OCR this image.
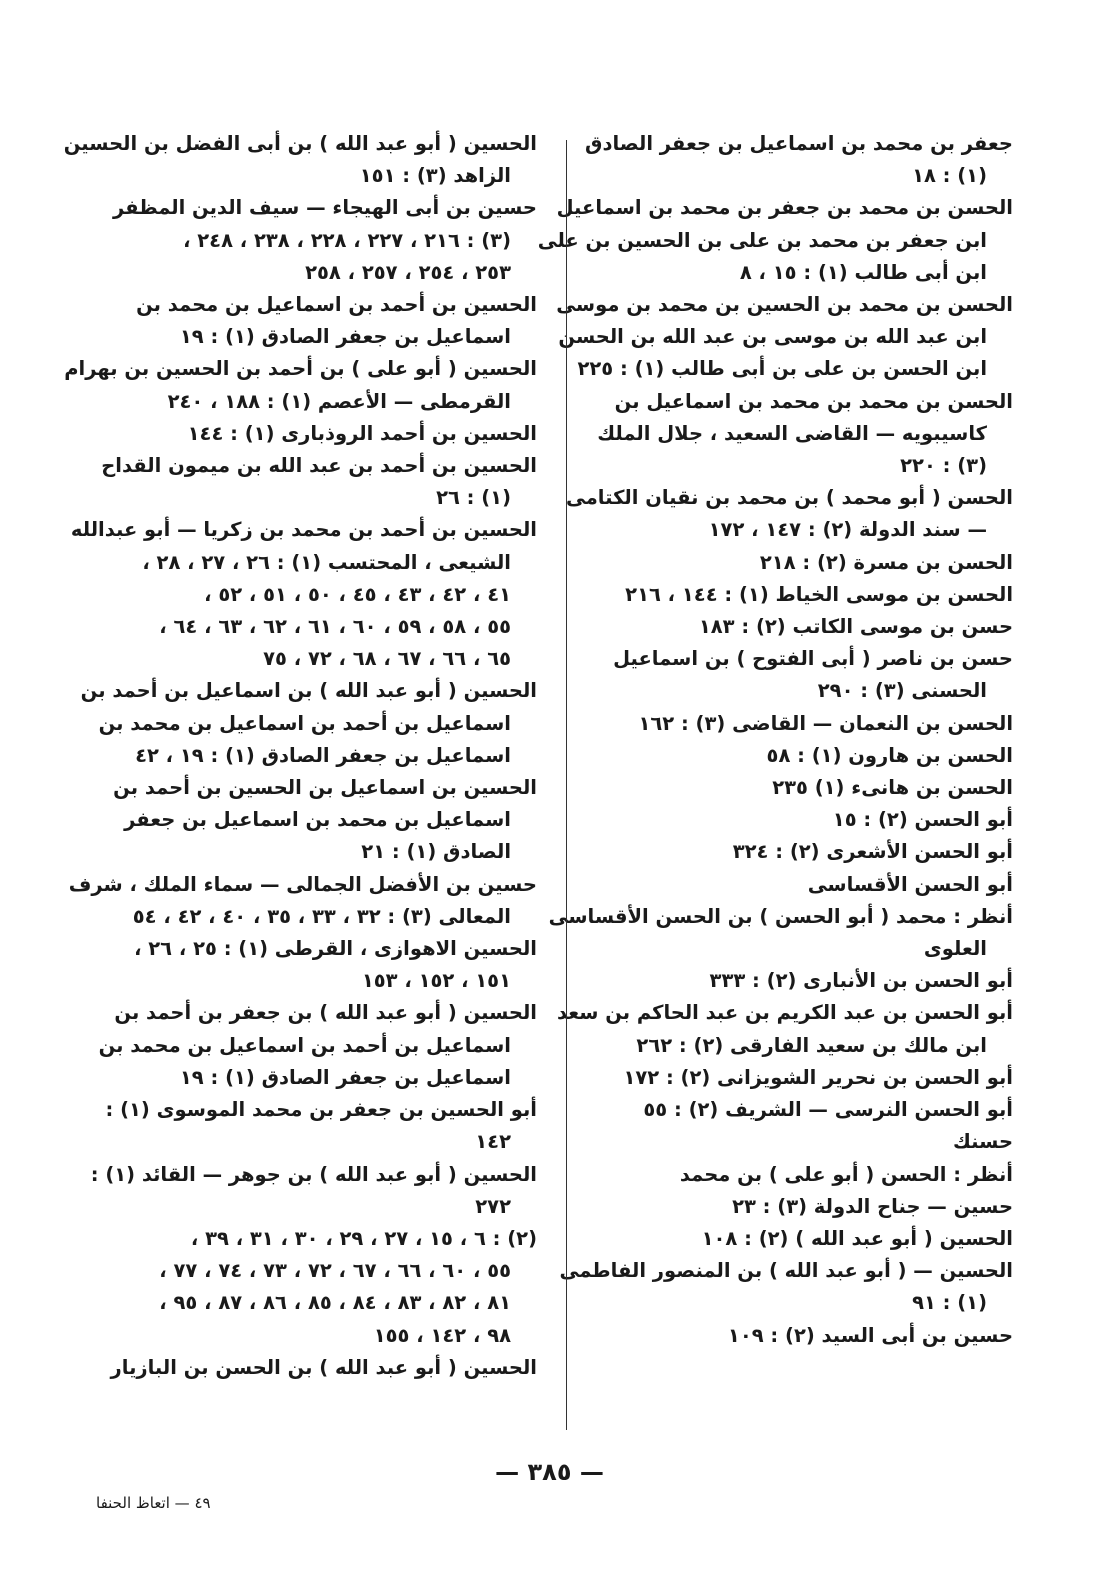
جعفر بن محمد بن اسماعيل بن جعفر الصادق
(١) : ١٨

الحسن بن محمد بن جعفر بن محمد بن اسماعيل
ابن جعفر بن محمد بن على بن الحسين بن على
ابن أبى طالب (١) : ١٥ ، ٨

الحسن بن محمد بن الحسين بن محمد بن موسى
ابن عبد الله بن موسى بن عبد الله بن الحسن
ابن الحسن بن على بن أبى طالب (١) : ٢٢٥

الحسن بن محمد بن محمد بن اسماعيل بن
كاسيبويه — القاضى السعيد ، جلال الملك
(٣) : ٢٢٠

الحسن ( أبو محمد ) بن محمد بن نقيان الكتامى
— سند الدولة (٢) : ١٤٧ ، ١٧٢

الحسن بن مسرة (٢) : ٢١٨

الحسن بن موسى الخياط (١) : ١٤٤ ، ٢١٦

حسن بن موسى الكاتب (٢) : ١٨٣

حسن بن ناصر ( أبى الفتوح ) بن اسماعيل
الحسنى (٣) : ٢٩٠

الحسن بن النعمان — القاضى (٣) : ١٦٢

الحسن بن هارون (١) : ٥٨

الحسن بن هانىء (١) ٢٣٥

أبو الحسن (٢) : ١٥

أبو الحسن الأشعرى (٢) : ٣٢٤

أبو الحسن الأقساسى

أنظر : محمد ( أبو الحسن ) بن الحسن الأقساسى
العلوى

أبو الحسن بن الأنبارى (٢) : ٣٣٣

أبو الحسن بن عبد الكريم بن عبد الحاكم بن سعد
ابن مالك بن سعيد الفارقى (٢) : ٢٦٢

أبو الحسن بن نحرير الشويزانى (٢) : ١٧٢

أبو الحسن النرسى — الشريف (٢) : ٥٥

حسنك

أنظر : الحسن ( أبو على ) بن محمد

حسين — جناح الدولة (٣) : ٢٣

الحسين ( أبو عبد الله ) (٢) : ١٠٨

الحسين — ( أبو عبد الله ) بن المنصور الفاطمى
(١) : ٩١

حسين بن أبى السيد (٢) : ١٠٩

الحسين ( أبو عبد الله ) بن أبى الفضل بن الحسين
الزاهد (٣) : ١٥١

حسين بن أبى الهيجاء — سيف الدين المظفر
(٣) : ٢١٦ ، ٢٢٧ ، ٢٢٨ ، ٢٣٨ ، ٢٤٨ ،
٢٥٣ ، ٢٥٤ ، ٢٥٧ ، ٢٥٨

الحسين بن أحمد بن اسماعيل بن محمد بن
اسماعيل بن جعفر الصادق (١) : ١٩

الحسين ( أبو على ) بن أحمد بن الحسين بن بهرام
القرمطى — الأعصم (١) : ١٨٨ ، ٢٤٠

الحسين بن أحمد الروذبارى (١) : ١٤٤

الحسين بن أحمد بن عبد الله بن ميمون القداح
(١) : ٢٦

الحسين بن أحمد بن محمد بن زكريا — أبو عبدالله
الشيعى ، المحتسب (١) : ٢٦ ، ٢٧ ، ٢٨ ،
٤١ ، ٤٢ ، ٤٣ ، ٤٥ ، ٥٠ ، ٥١ ، ٥٢ ،
٥٥ ، ٥٨ ، ٥٩ ، ٦٠ ، ٦١ ، ٦٢ ، ٦٣ ، ٦٤ ،
٦٥ ، ٦٦ ، ٦٧ ، ٦٨ ، ٧٢ ، ٧٥

الحسين ( أبو عبد الله ) بن اسماعيل بن أحمد بن
اسماعيل بن أحمد بن اسماعيل بن محمد بن
اسماعيل بن جعفر الصادق (١) : ١٩ ، ٤٢

الحسين بن اسماعيل بن الحسين بن أحمد بن
اسماعيل بن محمد بن اسماعيل بن جعفر
الصادق (١) : ٢١

حسين بن الأفضل الجمالى — سماء الملك ، شرف
المعالى (٣) : ٣٢ ، ٣٣ ، ٣٥ ، ٤٠ ، ٤٢ ، ٥٤

الحسين الاهوازى ، القرطى (١) : ٢٥ ، ٢٦ ،
١٥١ ، ١٥٢ ، ١٥٣

الحسين ( أبو عبد الله ) بن جعفر بن أحمد بن
اسماعيل بن أحمد بن اسماعيل بن محمد بن
اسماعيل بن جعفر الصادق (١) : ١٩

أبو الحسين بن جعفر بن محمد الموسوى (١) :
١٤٢

الحسين ( أبو عبد الله ) بن جوهر — القائد (١) :
٢٧٢

(٢) : ٦ ، ١٥ ، ٢٧ ، ٢٩ ، ٣٠ ، ٣١ ، ٣٩ ،
٥٥ ، ٦٠ ، ٦٦ ، ٦٧ ، ٧٢ ، ٧٣ ، ٧٤ ، ٧٧ ،
٨١ ، ٨٢ ، ٨٣ ، ٨٤ ، ٨٥ ، ٨٦ ، ٨٧ ، ٩٥ ،
٩٨ ، ١٤٢ ، ١٥٥

الحسين ( أبو عبد الله ) بن الحسن بن البازيار

— ٣٨٥ —
٤٩ — اتعاظ الحنفا
